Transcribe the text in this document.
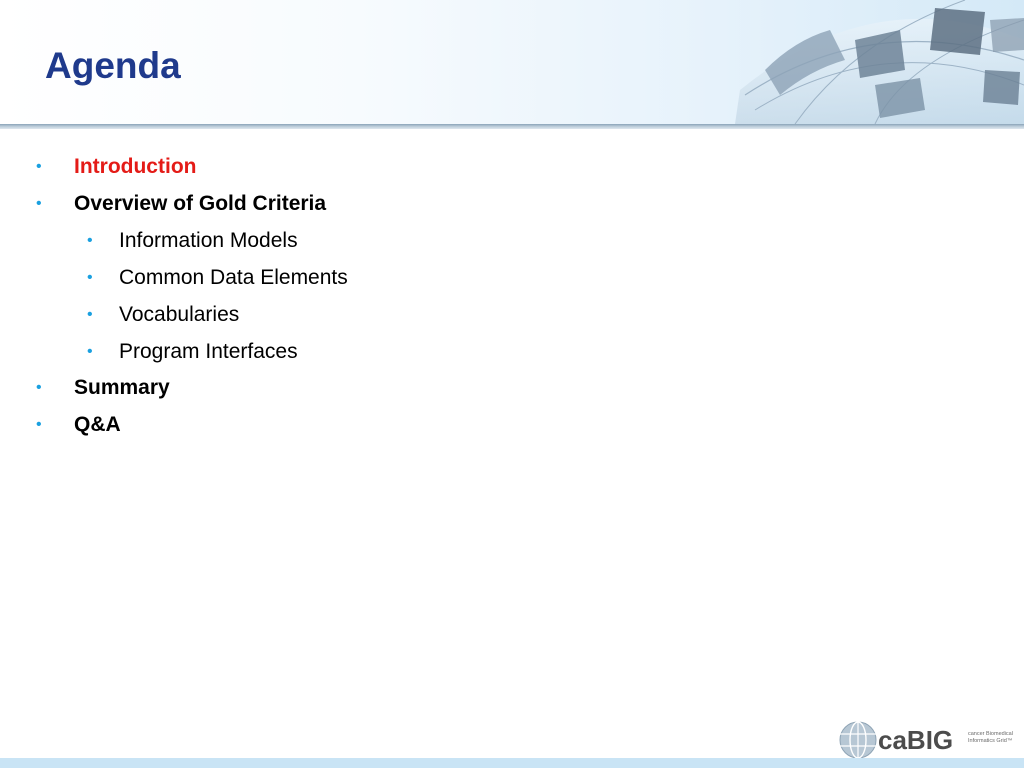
Agenda
• Introduction
• Overview of Gold Criteria
• Information Models
• Common Data Elements
• Vocabularies
• Program Interfaces
• Summary
• Q&A
caBIG	cancer Biomedical Informatics Grid™
